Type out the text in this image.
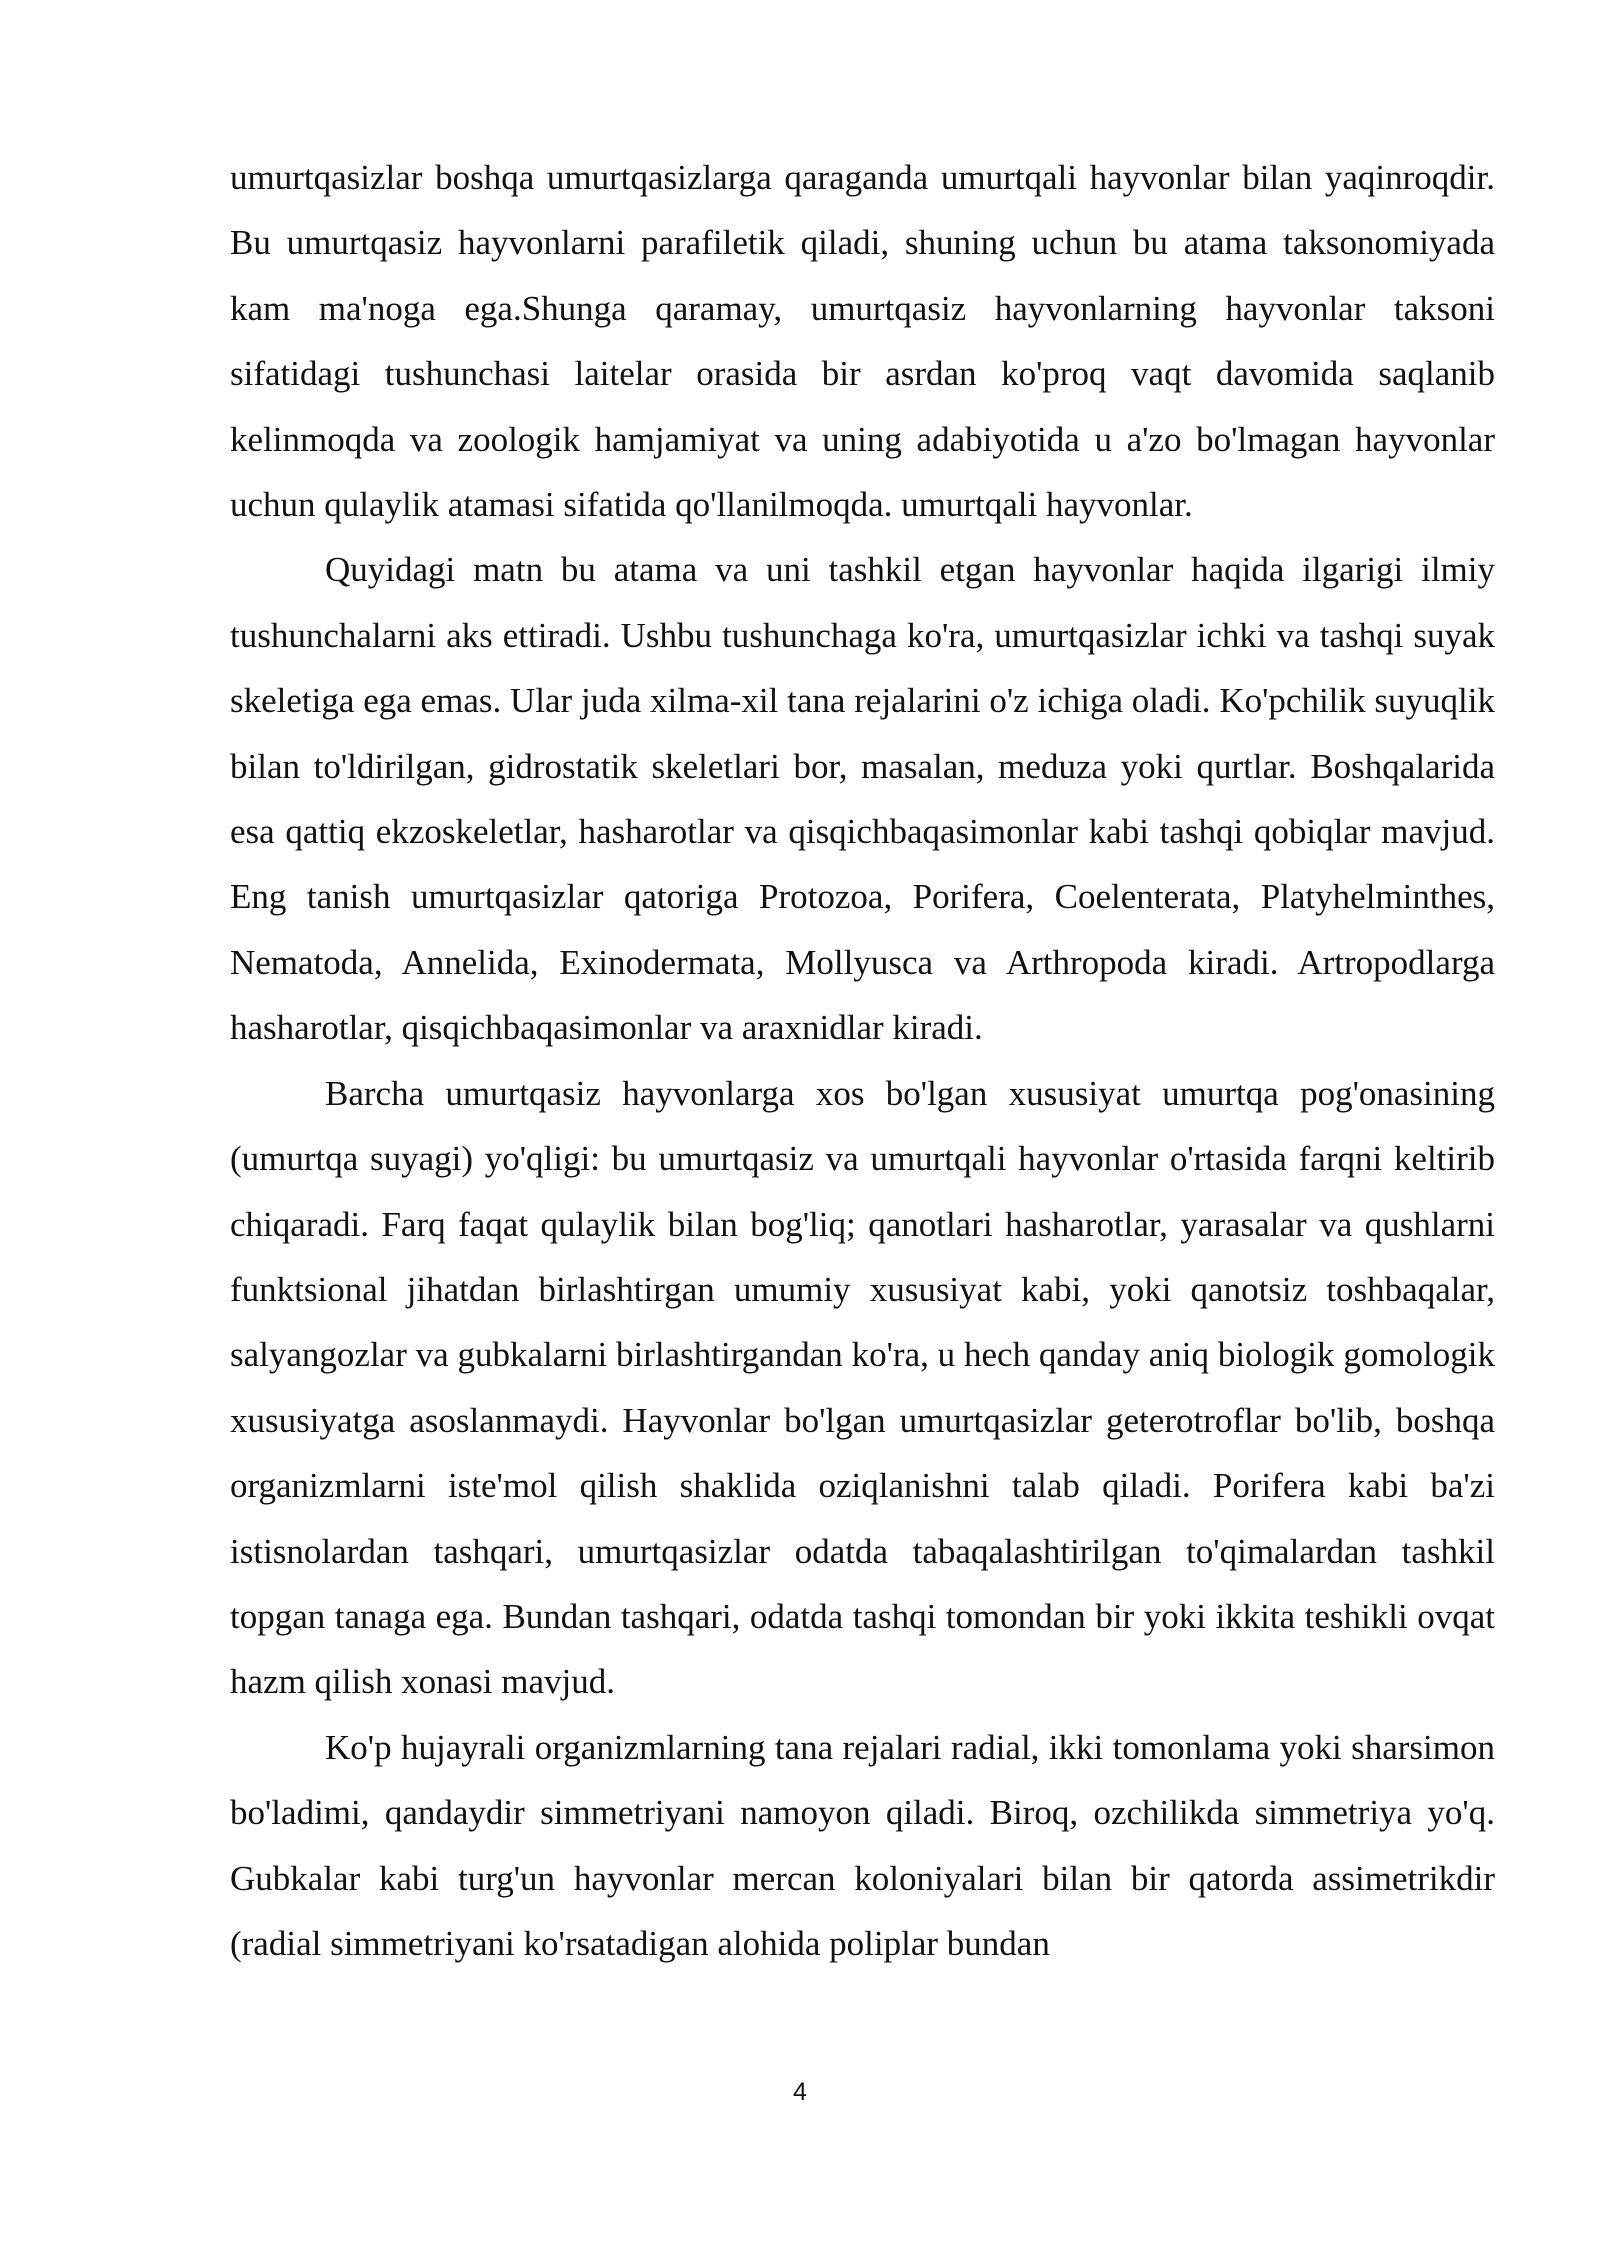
umurtqasizlar boshqa umurtqasizlarga qaraganda umurtqali hayvonlar bilan yaqinroqdir. Bu umurtqasiz hayvonlarni parafiletik qiladi, shuning uchun bu atama taksonomiyada kam ma'noga ega.Shunga qaramay, umurtqasiz hayvonlarning hayvonlar taksoni sifatidagi tushunchasi laitelar orasida bir asrdan ko'proq vaqt davomida saqlanib kelinmoqda va zoologik hamjamiyat va uning adabiyotida u a'zo bo'lmagan hayvonlar uchun qulaylik atamasi sifatida qo'llanilmoqda. umurtqali hayvonlar.

Quyidagi matn bu atama va uni tashkil etgan hayvonlar haqida ilgarigi ilmiy tushunchalarni aks ettiradi. Ushbu tushunchaga ko'ra, umurtqasizlar ichki va tashqi suyak skeletiga ega emas. Ular juda xilma-xil tana rejalarini o'z ichiga oladi. Ko'pchilik suyuqlik bilan to'ldirilgan, gidrostatik skeletlari bor, masalan, meduza yoki qurtlar. Boshqalarida esa qattiq ekzoskeletlar, hasharotlar va qisqichbaqasimonlar kabi tashqi qobiqlar mavjud. Eng tanish umurtqasizlar qatoriga Protozoa, Porifera, Coelenterata, Platyhelminthes, Nematoda, Annelida, Exinodermata, Mollyusca va Arthropoda kiradi. Artropodlarga hasharotlar, qisqichbaqasimonlar va araxnidlar kiradi.

Barcha umurtqasiz hayvonlarga xos bo'lgan xususiyat umurtqa pog'onasining (umurtqa suyagi) yo'qligi: bu umurtqasiz va umurtqali hayvonlar o'rtasida farqni keltirib chiqaradi. Farq faqat qulaylik bilan bog'liq; qanotlari hasharotlar, yarasalar va qushlarni funktsional jihatdan birlashtirgan umumiy xususiyat kabi, yoki qanotsiz toshbaqalar, salyangozlar va gubkalarni birlashtirgandan ko'ra, u hech qanday aniq biologik gomologik xususiyatga asoslanmaydi. Hayvonlar bo'lgan umurtqasizlar geterotroflar bo'lib, boshqa organizmlarni iste'mol qilish shaklida oziqlanishni talab qiladi. Porifera kabi ba'zi istisnolardan tashqari, umurtqasizlar odatda tabaqalashtirilgan to'qimalardan tashkil topgan tanaga ega. Bundan tashqari, odatda tashqi tomondan bir yoki ikkita teshikli ovqat hazm qilish xonasi mavjud.

Ko'p hujayrali organizmlarning tana rejalari radial, ikki tomonlama yoki sharsimon bo'ladimi, qandaydir simmetriyani namoyon qiladi. Biroq, ozchilikda simmetriya yo'q. Gubkalar kabi turg'un hayvonlar mercan koloniyalari bilan bir qatorda assimetrikdir (radial simmetriyani ko'rsatadigan alohida poliplar bundan

4
